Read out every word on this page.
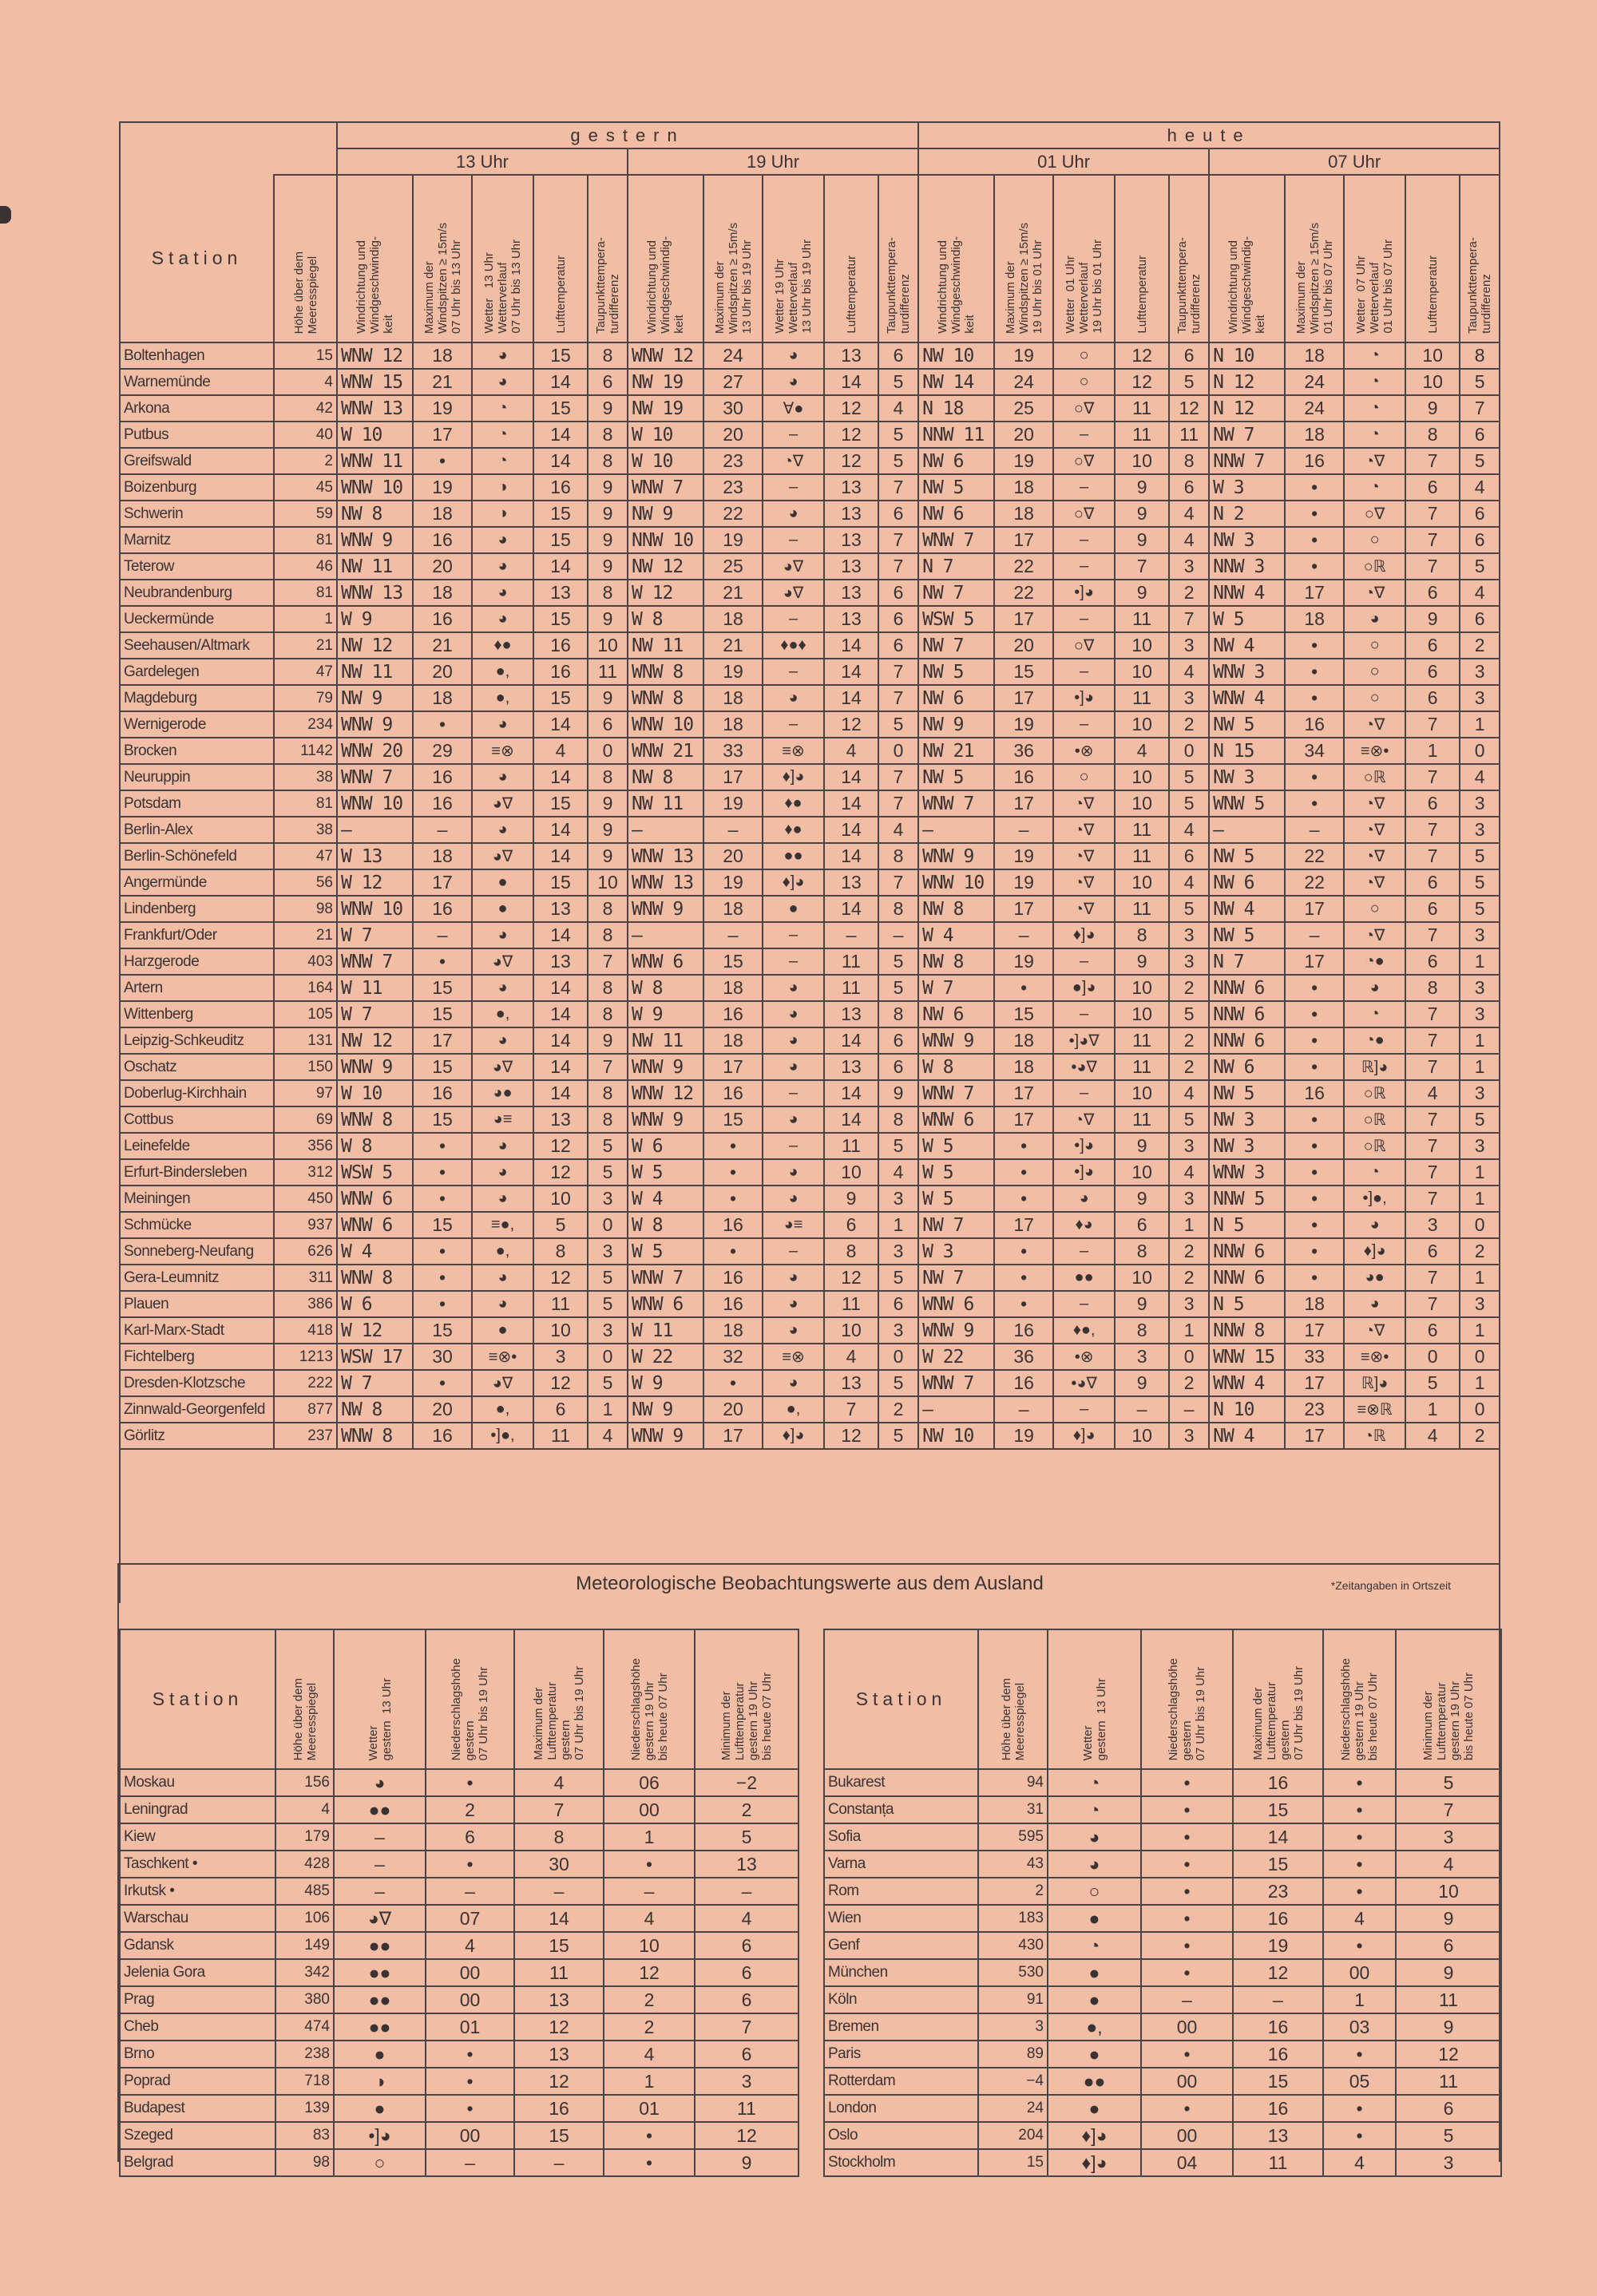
		gestern										heute									
		13 Uhr					19 Uhr					01 Uhr					07 Uhr				
Station	Höhe über dem
Meeresspiegel	Windrichtung und
Windgeschwindig-
keit	Maximum der
Windspitzen ≥ 15m/s
07 Uhr bis 13 Uhr	Wetter   13 Uhr
Wetterverlauf
07 Uhr bis 13 Uhr	Lufttemperatur	Taupunkttempera-
turdifferenz	Windrichtung und
Windgeschwindig-
keit	Maximum der
Windspitzen ≥ 15m/s
13 Uhr bis 19 Uhr	Wetter 19 Uhr
Wetterverlauf
13 Uhr bis 19 Uhr	Lufttemperatur	Taupunkttempera-
turdifferenz	Windrichtung und
Windgeschwindig-
keit	Maximum der
Windspitzen ≥ 15m/s
19 Uhr bis 01 Uhr	Wetter  01 Uhr
Wetterverlauf
19 Uhr bis 01 Uhr	Lufttemperatur	Taupunkttempera-
turdifferenz	Windrichtung und
Windgeschwindig-
keit	Maximum der
Windspitzen ≥ 15m/s
01 Uhr bis 07 Uhr	Wetter  07 Uhr
Wetterverlauf
01 Uhr bis 07 Uhr	Lufttemperatur	Taupunkttempera-
turdifferenz
Boltenhagen	15	WNW 12	18	◕	15	8	WNW 12	24	◕	13	6	NW 10	19	○	12	6	N 10	18	◔	10	8
Warnemünde	4	WNW 15	21	◕	14	6	NW 19	27	◕	14	5	NW 14	24	○	12	5	N 12	24	◔	10	5
Arkona	42	WNW 13	19	◔	15	9	NW 19	30	∀●	12	4	N 18	25	○∇	11	12	N 12	24	◔	9	7
Putbus	40	W 10	17	◔	14	8	W 10	20	–	12	5	NNW 11	20	–	11	11	NW 7	18	◔	8	6
Greifswald	2	WNW 11	•	◔	14	8	W 10	23	◔∇	12	5	NW 6	19	○∇	10	8	NNW 7	16	◔∇	7	5
Boizenburg	45	WNW 10	19	◑	16	9	WNW 7	23	–	13	7	NW 5	18	–	9	6	W 3	•	◔	6	4
Schwerin	59	NW 8	18	◑	15	9	NW 9	22	◕	13	6	NW 6	18	○∇	9	4	N 2	•	○∇	7	6
Marnitz	81	WNW 9	16	◕	15	9	NNW 10	19	–	13	7	WNW 7	17	–	9	4	NW 3	•	○	7	6
Teterow	46	NW 11	20	◕	14	9	NW 12	25	◕∇	13	7	N 7	22	–	7	3	NNW 3	•	○ℝ	7	5
Neubrandenburg	81	WNW 13	18	◕	13	8	W 12	21	◕∇	13	6	NW 7	22	•]◕	9	2	NNW 4	17	◔∇	6	4
Ueckermünde	1	W 9	16	◕	15	9	W 8	18	–	13	6	WSW 5	17	–	11	7	W 5	18	◕	9	6
Seehausen/Altmark	21	NW 12	21	♦●	16	10	NW 11	21	♦●♦	14	6	NW 7	20	○∇	10	3	NW 4	•	○	6	2
Gardelegen	47	NW 11	20	●,	16	11	WNW 8	19	–	14	7	NW 5	15	–	10	4	WNW 3	•	○	6	3
Magdeburg	79	NW 9	18	●,	15	9	WNW 8	18	◕	14	7	NW 6	17	•]◕	11	3	WNW 4	•	○	6	3
Wernigerode	234	WNW 9	•	◕	14	6	WNW 10	18	–	12	5	NW 9	19	–	10	2	NW 5	16	◔∇	7	1
Brocken	1142	WNW 20	29	≡⊗	4	0	WNW 21	33	≡⊗	4	0	NW 21	36	•⊗	4	0	N 15	34	≡⊗•	1	0
Neuruppin	38	WNW 7	16	◕	14	8	NW 8	17	♦]◕	14	7	NW 5	16	○	10	5	NW 3	•	○ℝ	7	4
Potsdam	81	WNW 10	16	◕∇	15	9	NW 11	19	♦●	14	7	WNW 7	17	◔∇	10	5	WNW 5	•	◔∇	6	3
Berlin-Alex	38	–	–	◕	14	9	–	–	♦●	14	4	–	–	◔∇	11	4	–	–	◔∇	7	3
Berlin-Schönefeld	47	W 13	18	◕∇	14	9	WNW 13	20	●●	14	8	WNW 9	19	◔∇	11	6	NW 5	22	◔∇	7	5
Angermünde	56	W 12	17	●	15	10	WNW 13	19	♦]◕	13	7	WNW 10	19	◔∇	10	4	NW 6	22	◔∇	6	5
Lindenberg	98	WNW 10	16	●	13	8	WNW 9	18	●	14	8	NW 8	17	◔∇	11	5	NW 4	17	○	6	5
Frankfurt/Oder	21	W 7	–	◕	14	8	–	–	–	–	–	W 4	–	♦]◕	8	3	NW 5	–	◔∇	7	3
Harzgerode	403	WNW 7	•	◕∇	13	7	WNW 6	15	–	11	5	NW 8	19	–	9	3	N 7	17	◔●	6	1
Artern	164	W 11	15	◕	14	8	W 8	18	◕	11	5	W 7	•	●]◕	10	2	NNW 6	•	◕	8	3
Wittenberg	105	W 7	15	●,	14	8	W 9	16	◕	13	8	NW 6	15	–	10	5	NNW 6	•	◔	7	3
Leipzig-Schkeuditz	131	NW 12	17	◕	14	9	NW 11	18	◕	14	6	WNW 9	18	•]◕∇	11	2	NNW 6	•	◔●	7	1
Oschatz	150	WNW 9	15	◕∇	14	7	WNW 9	17	◕	13	6	W 8	18	•◕∇	11	2	NW 6	•	ℝ]◕	7	1
Doberlug-Kirchhain	97	W 10	16	◕●	14	8	WNW 12	16	–	14	9	WNW 7	17	–	10	4	NW 5	16	○ℝ	4	3
Cottbus	69	WNW 8	15	◕≡	13	8	WNW 9	15	◕	14	8	WNW 6	17	◔∇	11	5	NW 3	•	○ℝ	7	5
Leinefelde	356	W 8	•	◕	12	5	W 6	•	–	11	5	W 5	•	•]◕	9	3	NW 3	•	○ℝ	7	3
Erfurt-Bindersleben	312	WSW 5	•	◕	12	5	W 5	•	◕	10	4	W 5	•	•]◕	10	4	WNW 3	•	◔	7	1
Meiningen	450	WNW 6	•	◕	10	3	W 4	•	◕	9	3	W 5	•	◕	9	3	NNW 5	•	•]●,	7	1
Schmücke	937	WNW 6	15	≡●,	5	0	W 8	16	◕≡	6	1	NW 7	17	♦◕	6	1	N 5	•	◕	3	0
Sonneberg-Neufang	626	W 4	•	●,	8	3	W 5	•	–	8	3	W 3	•	–	8	2	NNW 6	•	♦]◕	6	2
Gera-Leumnitz	311	WNW 8	•	◕	12	5	WNW 7	16	◕	12	5	NW 7	•	●●	10	2	NNW 6	•	◕●	7	1
Plauen	386	W 6	•	◕	11	5	WNW 6	16	◕	11	6	WNW 6	•	–	9	3	N 5	18	◕	7	3
Karl-Marx-Stadt	418	W 12	15	●	10	3	W 11	18	◕	10	3	WNW 9	16	♦●,	8	1	NNW 8	17	◔∇	6	1
Fichtelberg	1213	WSW 17	30	≡⊗•	3	0	W 22	32	≡⊗	4	0	W 22	36	•⊗	3	0	WNW 15	33	≡⊗•	0	0
Dresden-Klotzsche	222	W 7	•	◕∇	12	5	W 9	•	◕	13	5	WNW 7	16	•◕∇	9	2	WNW 4	17	ℝ]◕	5	1
Zinnwald-Georgenfeld	877	NW 8	20	●,	6	1	NW 9	20	●,	7	2	–	–	–	–	–	N 10	23	≡⊗ℝ	1	0
Görlitz	237	WNW 8	16	•]●,	11	4	WNW 9	17	♦]◕	12	5	NW 10	19	♦]◕	10	3	NW 4	17	◔ℝ	4	2

Meteorologische Beobachtungswerte aus dem Ausland	*Zeitangaben in Ortszeit
Station	Höhe über dem
Meeresspiegel	Wetter
gestern  13 Uhr	Niederschlagshöhe
gestern
07 Uhr bis 19 Uhr	Maximum der
Lufttemperatur
gestern
07 Uhr bis 19 Uhr	Niederschlagshöhe
gestern 19 Uhr
bis heute 07 Uhr	Minimum der
Lufttemperatur
gestern 19 Uhr
bis heute 07 Uhr
Moskau	156	◕	•	4	06	−2
Leningrad	4	●●	2	7	00	2
Kiew	179	–	6	8	1	5
Taschkent •	428	–	•	30	•	13
Irkutsk •	485	–	–	–	–	–
Warschau	106	◕∇	07	14	4	4
Gdansk	149	●●	4	15	10	6
Jelenia Gora	342	●●	00	11	12	6
Prag	380	●●	00	13	2	6
Cheb	474	●●	01	12	2	7
Brno	238	●	•	13	4	6
Poprad	718	◑	•	12	1	3
Budapest	139	●	•	16	01	11
Szeged	83	•]◕	00	15	•	12
Belgrad	98	○	–	–	•	9
Station	Höhe über dem
Meeresspiegel	Wetter
gestern  13 Uhr	Niederschlagshöhe
gestern
07 Uhr bis 19 Uhr	Maximum der
Lufttemperatur
gestern
07 Uhr bis 19 Uhr	Niederschlagshöhe
gestern 19 Uhr
bis heute 07 Uhr	Minimum der
Lufttemperatur
gestern 19 Uhr
bis heute 07 Uhr
Bukarest	94	◔	•	16	•	5
Constanța	31	◔	•	15	•	7
Sofia	595	◕	•	14	•	3
Varna	43	◕	•	15	•	4
Rom	2	○	•	23	•	10
Wien	183	●	•	16	4	9
Genf	430	◔	•	19	•	6
München	530	●	•	12	00	9
Köln	91	●	–	–	1	11
Bremen	3	●,	00	16	03	9
Paris	89	●	•	16	•	12
Rotterdam	−4	●●	00	15	05	11
London	24	●	•	16	•	6
Oslo	204	♦]◕	00	13	•	5
Stockholm	15	♦]◕	04	11	4	3
